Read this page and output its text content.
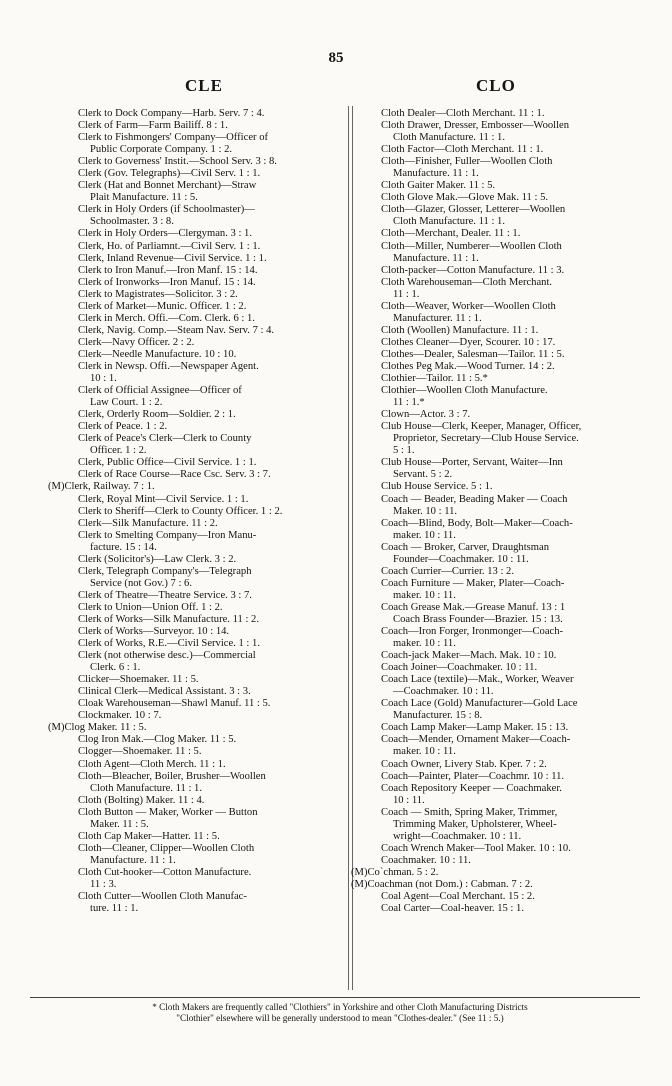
85
CLE	CLO

Clerk to Dock Company—Harb. Serv. 7 : 4.

Clerk of Farm—Farm Bailiff. 8 : 1.

Clerk to Fishmongers' Company—Officer of

Public Corporate Company. 1 : 2.

Clerk to Governess' Instit.—School Serv. 3 : 8.

Clerk (Gov. Telegraphs)—Civil Serv. 1 : 1.

Clerk (Hat and Bonnet Merchant)—Straw

Plait Manufacture. 11 : 5.

Clerk in Holy Orders (if Schoolmaster)—

Schoolmaster. 3 : 8.

Clerk in Holy Orders—Clergyman. 3 : 1.

Clerk, Ho. of Parliamnt.—Civil Serv. 1 : 1.

Clerk, Inland Revenue—Civil Service. 1 : 1.

Clerk to Iron Manuf.—Iron Manf. 15 : 14.

Clerk of Ironworks—Iron Manuf. 15 : 14.

Clerk to Magistrates—Solicitor. 3 : 2.

Clerk of Market—Munic. Officer. 1 : 2.

Clerk in Merch. Offi.—Com. Clerk. 6 : 1.

Clerk, Navig. Comp.—Steam Nav. Serv. 7 : 4.

Clerk—Navy Officer. 2 : 2.

Clerk—Needle Manufacture. 10 : 10.

Clerk in Newsp. Offi.—Newspaper Agent.

10 : 1.

Clerk of Official Assignee—Officer of

Law Court. 1 : 2.

Clerk, Orderly Room—Soldier. 2 : 1.

Clerk of Peace. 1 : 2.

Clerk of Peace's Clerk—Clerk to County

Officer. 1 : 2.

Clerk, Public Office—Civil Service. 1 : 1.

Clerk of Race Course—Race Csc. Serv. 3 : 7.

(M)Clerk, Railway. 7 : 1.

Clerk, Royal Mint—Civil Service. 1 : 1.

Clerk to Sheriff—Clerk to County Officer. 1 : 2.

Clerk—Silk Manufacture. 11 : 2.

Clerk to Smelting Company—Iron Manu-

facture. 15 : 14.

Clerk (Solicitor's)—Law Clerk. 3 : 2.

Clerk, Telegraph Company's—Telegraph

Service (not Gov.) 7 : 6.

Clerk of Theatre—Theatre Service. 3 : 7.

Clerk to Union—Union Off. 1 : 2.

Clerk of Works—Silk Manufacture. 11 : 2.

Clerk of Works—Surveyor. 10 : 14.

Clerk of Works, R.E.—Civil Service. 1 : 1.

Clerk (not otherwise desc.)—Commercial

Clerk. 6 : 1.

Clicker—Shoemaker. 11 : 5.

Clinical Clerk—Medical Assistant. 3 : 3.

Cloak Warehouseman—Shawl Manuf. 11 : 5.

Clockmaker. 10 : 7.

(M)Clog Maker. 11 : 5.

Clog Iron Mak.—Clog Maker. 11 : 5.

Clogger—Shoemaker. 11 : 5.

Cloth Agent—Cloth Merch. 11 : 1.

Cloth—Bleacher, Boiler, Brusher—Woollen

Cloth Manufacture. 11 : 1.

Cloth (Bolting) Maker. 11 : 4.

Cloth Button — Maker, Worker — Button

Maker. 11 : 5.

Cloth Cap Maker—Hatter. 11 : 5.

Cloth—Cleaner, Clipper—Woollen Cloth

Manufacture. 11 : 1.

Cloth Cut-hooker—Cotton Manufacture.

11 : 3.

Cloth Cutter—Woollen Cloth Manufac-

ture. 11 : 1.

Cloth Dealer—Cloth Merchant. 11 : 1.

Cloth Drawer, Dresser, Embosser—Woollen

Cloth Manufacture. 11 : 1.

Cloth Factor—Cloth Merchant. 11 : 1.

Cloth—Finisher, Fuller—Woollen Cloth

Manufacture. 11 : 1.

Cloth Gaiter Maker. 11 : 5.

Cloth Glove Mak.—Glove Mak. 11 : 5.

Cloth—Glazer, Glosser, Letterer—Woollen

Cloth Manufacture. 11 : 1.

Cloth—Merchant, Dealer. 11 : 1.

Cloth—Miller, Numberer—Woollen Cloth

Manufacture. 11 : 1.

Cloth-packer—Cotton Manufacture. 11 : 3.

Cloth Warehouseman—Cloth Merchant.

11 : 1.

Cloth—Weaver, Worker—Woollen Cloth

Manufacturer. 11 : 1.

Cloth (Woollen) Manufacture. 11 : 1.

Clothes Cleaner—Dyer, Scourer. 10 : 17.

Clothes—Dealer, Salesman—Tailor. 11 : 5.

Clothes Peg Mak.—Wood Turner. 14 : 2.

Clothier—Tailor. 11 : 5.*

Clothier—Woollen Cloth Manufacture.

11 : 1.*

Clown—Actor. 3 : 7.

Club House—Clerk, Keeper, Manager, Officer,

Proprietor, Secretary—Club House Service.

5 : 1.

Club House—Porter, Servant, Waiter—Inn

Servant. 5 : 2.

Club House Service. 5 : 1.

Coach — Beader, Beading Maker — Coach

Maker. 10 : 11.

Coach—Blind, Body, Bolt—Maker—Coach-

maker. 10 : 11.

Coach — Broker, Carver, Draughtsman

Founder—Coachmaker. 10 : 11.

Coach Currier—Currier. 13 : 2.

Coach Furniture — Maker, Plater—Coach-

maker. 10 : 11.

Coach Grease Mak.—Grease Manuf. 13 : 1

Coach Brass Founder—Brazier. 15 : 13.

Coach—Iron Forger, Ironmonger—Coach-

maker. 10 : 11.

Coach-jack Maker—Mach. Mak. 10 : 10.

Coach Joiner—Coachmaker. 10 : 11.

Coach Lace (textile)—Mak., Worker, Weaver

—Coachmaker. 10 : 11.

Coach Lace (Gold) Manufacturer—Gold Lace

Manufacturer. 15 : 8.

Coach Lamp Maker—Lamp Maker. 15 : 13.

Coach—Mender, Ornament Maker—Coach-

maker. 10 : 11.

Coach Owner, Livery Stab. Kper. 7 : 2.

Coach—Painter, Plater—Coachmr. 10 : 11.

Coach Repository Keeper — Coachmaker.

10 : 11.

Coach — Smith, Spring Maker, Trimmer,

Trimming Maker, Upholsterer, Wheel-

wright—Coachmaker. 10 : 11.

Coach Wrench Maker—Tool Maker. 10 : 10.

Coachmaker. 10 : 11.

(M)Co`chman. 5 : 2.

(M)Coachman (not Dom.) : Cabman. 7 : 2.

Coal Agent—Coal Merchant. 15 : 2.

Coal Carter—Coal-heaver. 15 : 1.

* Cloth Makers are frequently called "Clothiers" in Yorkshire and other Cloth Manufacturing Districts
"Clothier" elsewhere will be generally understood to mean "Clothes-dealer." (See 11 : 5.)
